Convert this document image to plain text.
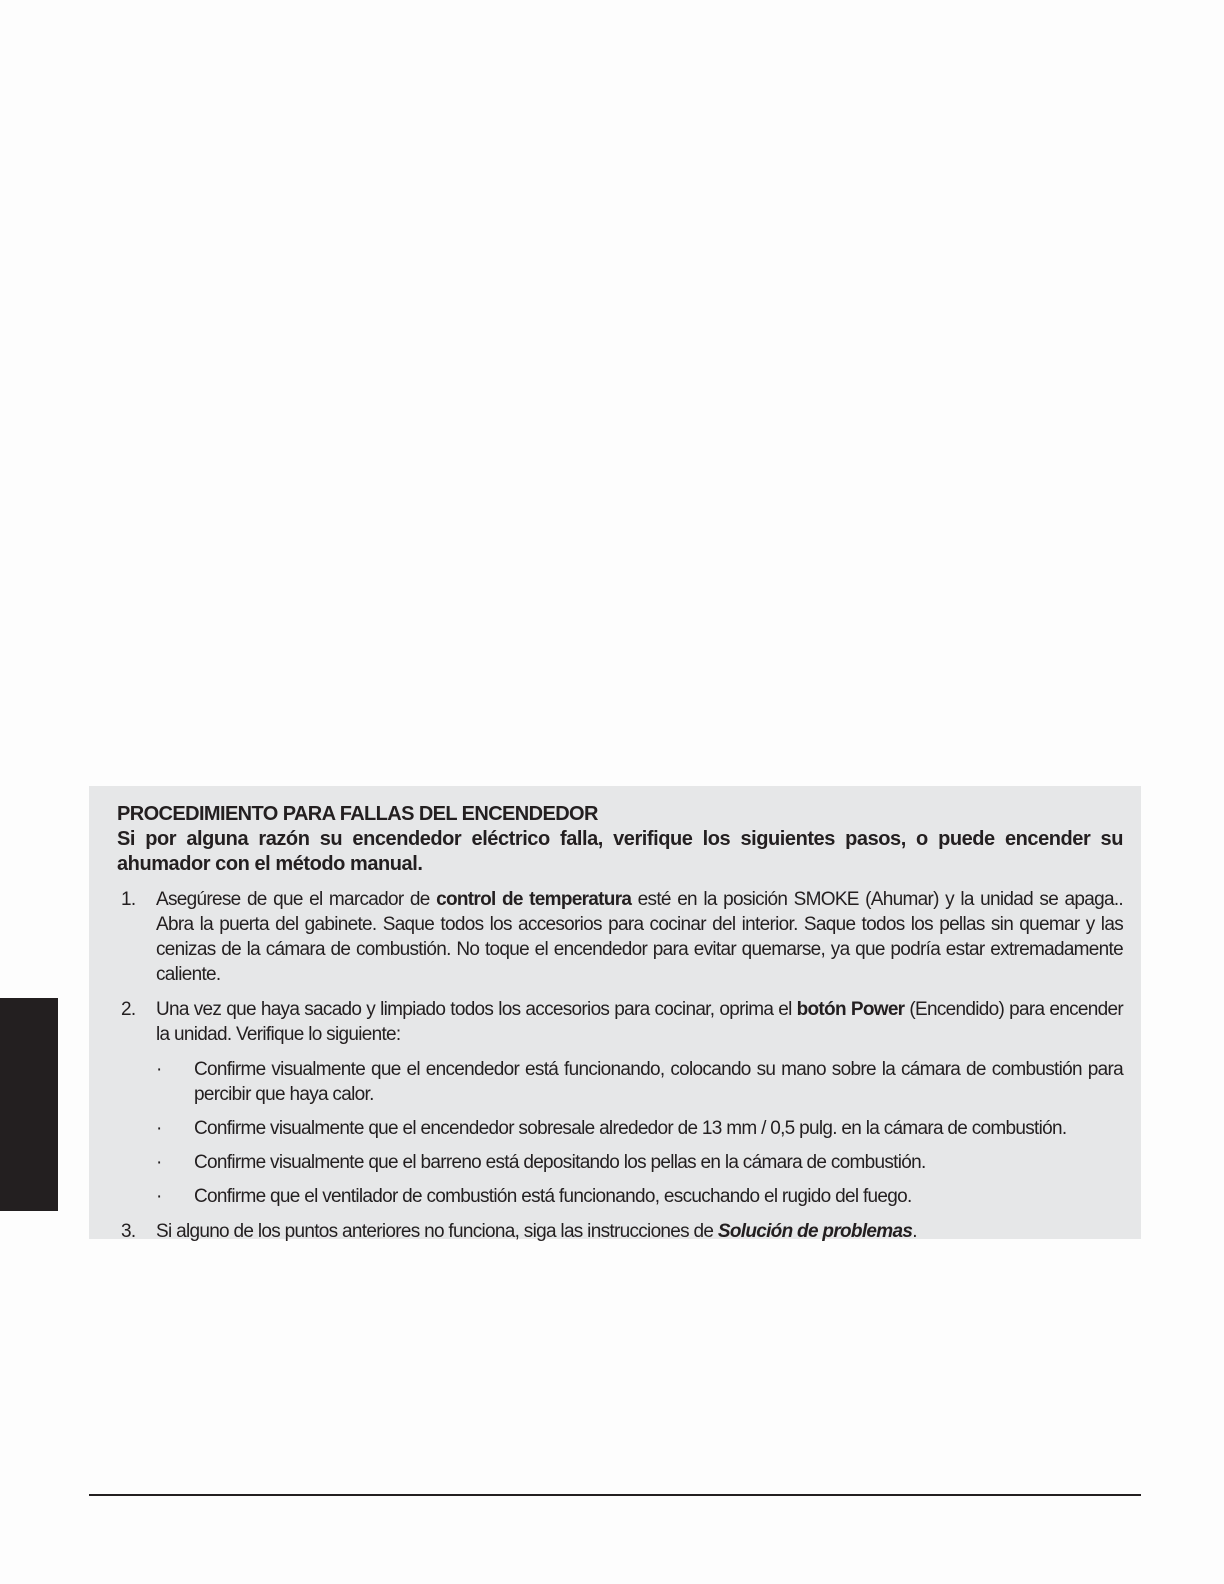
PROCEDIMIENTO PARA FALLAS DEL ENCENDEDOR

Si por alguna razón su encendedor eléctrico falla, verifique los siguientes pasos, o puede encender su ahumador con el método manual.

1. Asegúrese de que el marcador de control de temperatura esté en la posición SMOKE (Ahumar) y la unidad se apaga.. Abra la puerta del gabinete. Saque todos los accesorios para cocinar del interior. Saque todos los pellas sin quemar y las cenizas de la cámara de combustión. No toque el encendedor para evitar quemarse, ya que podría estar extremadamente caliente.
2. Una vez que haya sacado y limpiado todos los accesorios para cocinar, oprima el botón Power (Encendido) para encender la unidad. Verifique lo siguiente:
· Confirme visualmente que el encendedor está funcionando, colocando su mano sobre la cámara de combustión para percibir que haya calor.
· Confirme visualmente que el encendedor sobresale alrededor de 13 mm / 0,5 pulg. en la cámara de combustión.
· Confirme visualmente que el barreno está depositando los pellas en la cámara de combustión.
· Confirme que el ventilador de combustión está funcionando, escuchando el rugido del fuego.
3. Si alguno de los puntos anteriores no funciona, siga las instrucciones de Solución de problemas.
